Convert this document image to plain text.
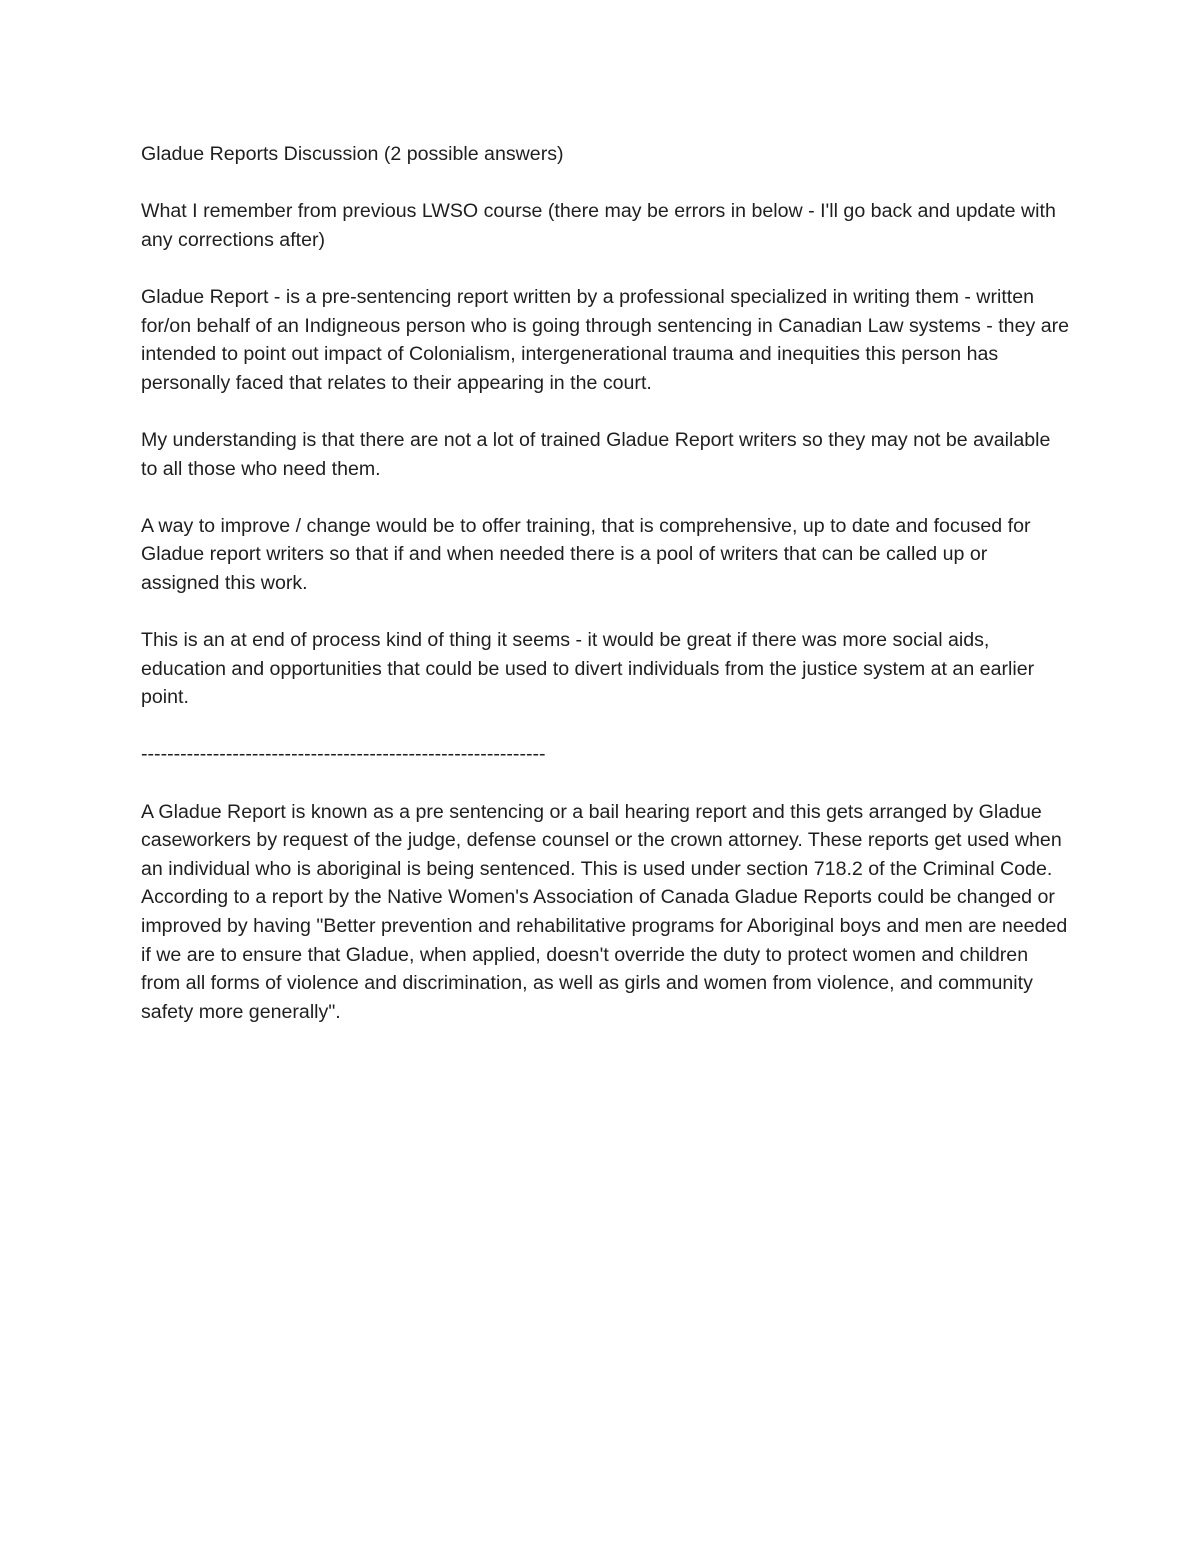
Gladue Reports Discussion (2 possible answers)

What I remember from previous LWSO course (there may be errors in below - I'll go back and update with any corrections after)

Gladue Report - is a pre-sentencing report written by a professional specialized in writing them - written for/on behalf of an Indigneous person who is going through sentencing in Canadian Law systems - they are intended to point out impact of Colonialism, intergenerational trauma and inequities this person has personally faced that relates to their appearing in the court.

My understanding is that there are not a lot of trained Gladue Report writers so they may not be available to all those who need them.

A way to improve / change would be to offer training, that is comprehensive, up to date and focused for Gladue report writers so that if and when needed there is a pool of writers that can be called up or assigned this work.

This is an at end of process kind of thing it seems - it would be great if there was more social aids, education and opportunities that could be used to divert individuals from the justice system at an earlier point.

--------------------------------------------------------------

A Gladue Report is known as a pre sentencing or a bail hearing report and this gets arranged by Gladue caseworkers by request of the judge, defense counsel or the crown attorney. These reports get used when an individual who is aboriginal is being sentenced. This is used under section 718.2 of the Criminal Code. According to a report by the Native Women's Association of Canada Gladue Reports could be changed or improved by having "Better prevention and rehabilitative programs for Aboriginal boys and men are needed if we are to ensure that Gladue, when applied, doesn't override the duty to protect women and children from all forms of violence and discrimination, as well as girls and women from violence, and community safety more generally".
